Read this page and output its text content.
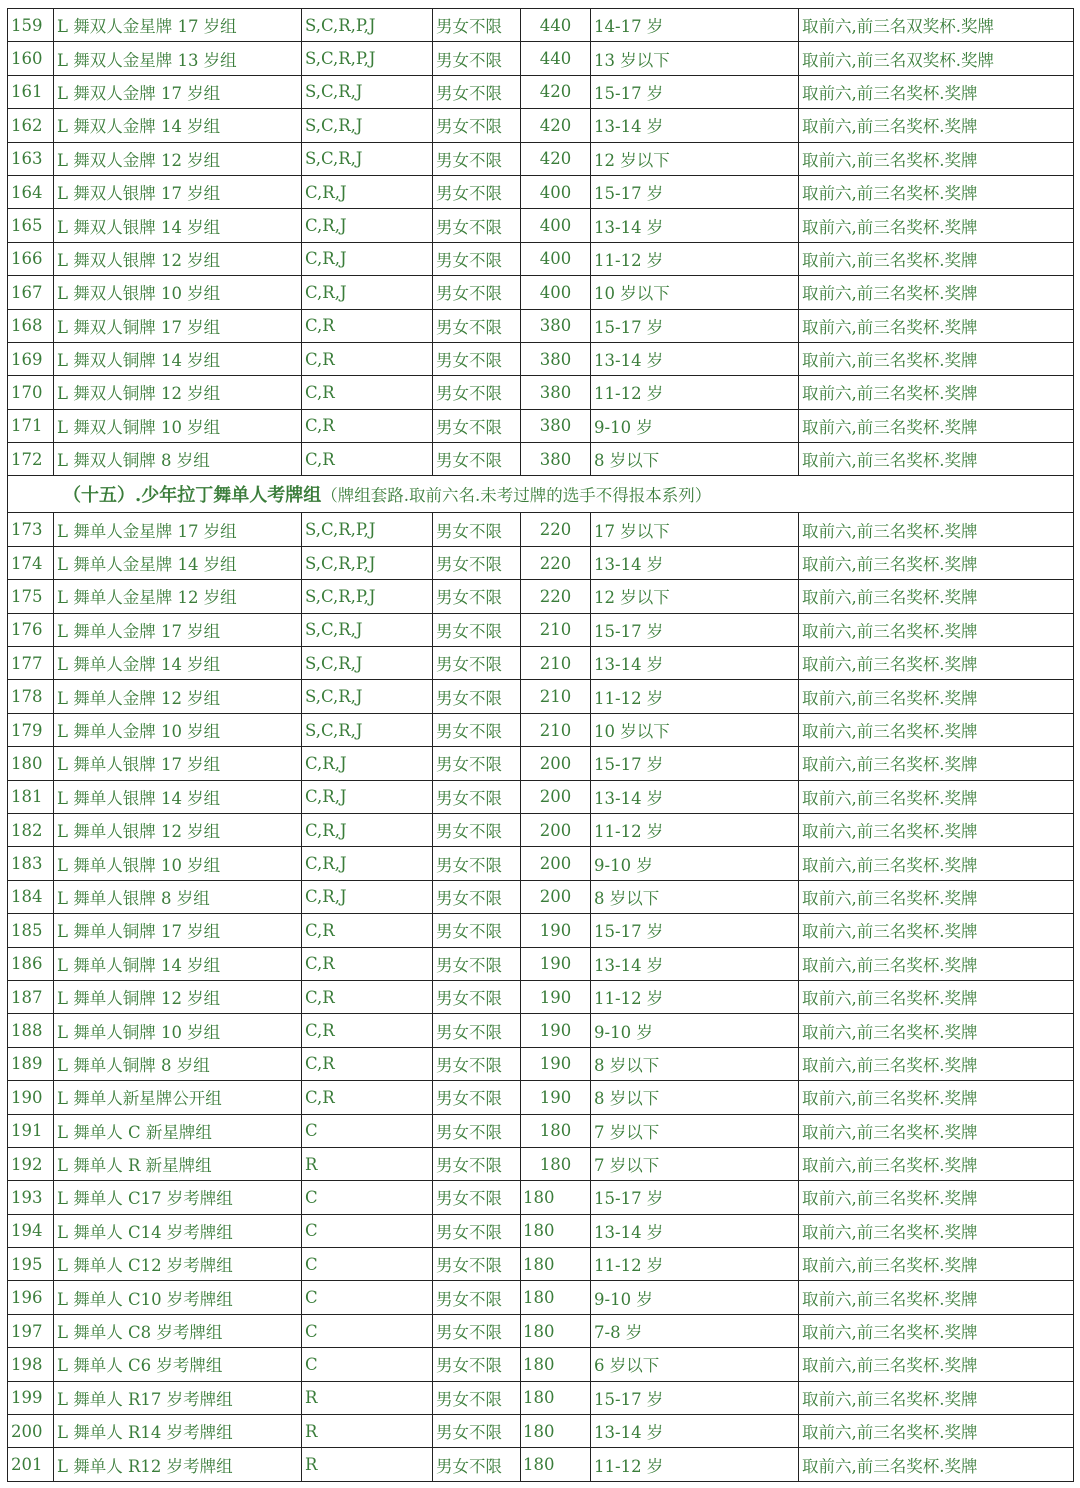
159	L 舞双人金星牌 17 岁组	S,C,R,P,J	男女不限	440	14-17 岁	取前六,前三名双奖杯.奖牌
160	L 舞双人金星牌 13 岁组	S,C,R,P,J	男女不限	440	13 岁以下	取前六,前三名双奖杯.奖牌
161	L 舞双人金牌 17 岁组	S,C,R,J	男女不限	420	15-17 岁	取前六,前三名奖杯.奖牌
162	L 舞双人金牌 14 岁组	S,C,R,J	男女不限	420	13-14 岁	取前六,前三名奖杯.奖牌
163	L 舞双人金牌 12 岁组	S,C,R,J	男女不限	420	12 岁以下	取前六,前三名奖杯.奖牌
164	L 舞双人银牌 17 岁组	C,R,J	男女不限	400	15-17 岁	取前六,前三名奖杯.奖牌
165	L 舞双人银牌 14 岁组	C,R,J	男女不限	400	13-14 岁	取前六,前三名奖杯.奖牌
166	L 舞双人银牌 12 岁组	C,R,J	男女不限	400	11-12 岁	取前六,前三名奖杯.奖牌
167	L 舞双人银牌 10 岁组	C,R,J	男女不限	400	10 岁以下	取前六,前三名奖杯.奖牌
168	L 舞双人铜牌 17 岁组	C,R	男女不限	380	15-17 岁	取前六,前三名奖杯.奖牌
169	L 舞双人铜牌 14 岁组	C,R	男女不限	380	13-14 岁	取前六,前三名奖杯.奖牌
170	L 舞双人铜牌 12 岁组	C,R	男女不限	380	11-12 岁	取前六,前三名奖杯.奖牌
171	L 舞双人铜牌 10 岁组	C,R	男女不限	380	9-10 岁	取前六,前三名奖杯.奖牌
172	L 舞双人铜牌 8 岁组	C,R	男女不限	380	8 岁以下	取前六,前三名奖杯.奖牌
（十五）.少年拉丁舞单人考牌组（牌组套路.取前六名.未考过牌的选手不得报本系列）						
173	L 舞单人金星牌 17 岁组	S,C,R,P,J	男女不限	220	17 岁以下	取前六,前三名奖杯.奖牌
174	L 舞单人金星牌 14 岁组	S,C,R,P,J	男女不限	220	13-14 岁	取前六,前三名奖杯.奖牌
175	L 舞单人金星牌 12 岁组	S,C,R,P,J	男女不限	220	12 岁以下	取前六,前三名奖杯.奖牌
176	L 舞单人金牌 17 岁组	S,C,R,J	男女不限	210	15-17 岁	取前六,前三名奖杯.奖牌
177	L 舞单人金牌 14 岁组	S,C,R,J	男女不限	210	13-14 岁	取前六,前三名奖杯.奖牌
178	L 舞单人金牌 12 岁组	S,C,R,J	男女不限	210	11-12 岁	取前六,前三名奖杯.奖牌
179	L 舞单人金牌 10 岁组	S,C,R,J	男女不限	210	10 岁以下	取前六,前三名奖杯.奖牌
180	L 舞单人银牌 17 岁组	C,R,J	男女不限	200	15-17 岁	取前六,前三名奖杯.奖牌
181	L 舞单人银牌 14 岁组	C,R,J	男女不限	200	13-14 岁	取前六,前三名奖杯.奖牌
182	L 舞单人银牌 12 岁组	C,R,J	男女不限	200	11-12 岁	取前六,前三名奖杯.奖牌
183	L 舞单人银牌 10 岁组	C,R,J	男女不限	200	9-10 岁	取前六,前三名奖杯.奖牌
184	L 舞单人银牌 8 岁组	C,R,J	男女不限	200	8 岁以下	取前六,前三名奖杯.奖牌
185	L 舞单人铜牌 17 岁组	C,R	男女不限	190	15-17 岁	取前六,前三名奖杯.奖牌
186	L 舞单人铜牌 14 岁组	C,R	男女不限	190	13-14 岁	取前六,前三名奖杯.奖牌
187	L 舞单人铜牌 12 岁组	C,R	男女不限	190	11-12 岁	取前六,前三名奖杯.奖牌
188	L 舞单人铜牌 10 岁组	C,R	男女不限	190	9-10 岁	取前六,前三名奖杯.奖牌
189	L 舞单人铜牌 8 岁组	C,R	男女不限	190	8 岁以下	取前六,前三名奖杯.奖牌
190	L 舞单人新星牌公开组	C,R	男女不限	190	8 岁以下	取前六,前三名奖杯.奖牌
191	L 舞单人 C 新星牌组	C	男女不限	180	7 岁以下	取前六,前三名奖杯.奖牌
192	L 舞单人 R 新星牌组	R	男女不限	180	7 岁以下	取前六,前三名奖杯.奖牌
193	L 舞单人 C17 岁考牌组	C	男女不限	180	15-17 岁	取前六,前三名奖杯.奖牌
194	L 舞单人 C14 岁考牌组	C	男女不限	180	13-14 岁	取前六,前三名奖杯.奖牌
195	L 舞单人 C12 岁考牌组	C	男女不限	180	11-12 岁	取前六,前三名奖杯.奖牌
196	L 舞单人 C10 岁考牌组	C	男女不限	180	9-10 岁	取前六,前三名奖杯.奖牌
197	L 舞单人 C8 岁考牌组	C	男女不限	180	7-8 岁	取前六,前三名奖杯.奖牌
198	L 舞单人 C6 岁考牌组	C	男女不限	180	6 岁以下	取前六,前三名奖杯.奖牌
199	L 舞单人 R17 岁考牌组	R	男女不限	180	15-17 岁	取前六,前三名奖杯.奖牌
200	L 舞单人 R14 岁考牌组	R	男女不限	180	13-14 岁	取前六,前三名奖杯.奖牌
201	L 舞单人 R12 岁考牌组	R	男女不限	180	11-12 岁	取前六,前三名奖杯.奖牌
